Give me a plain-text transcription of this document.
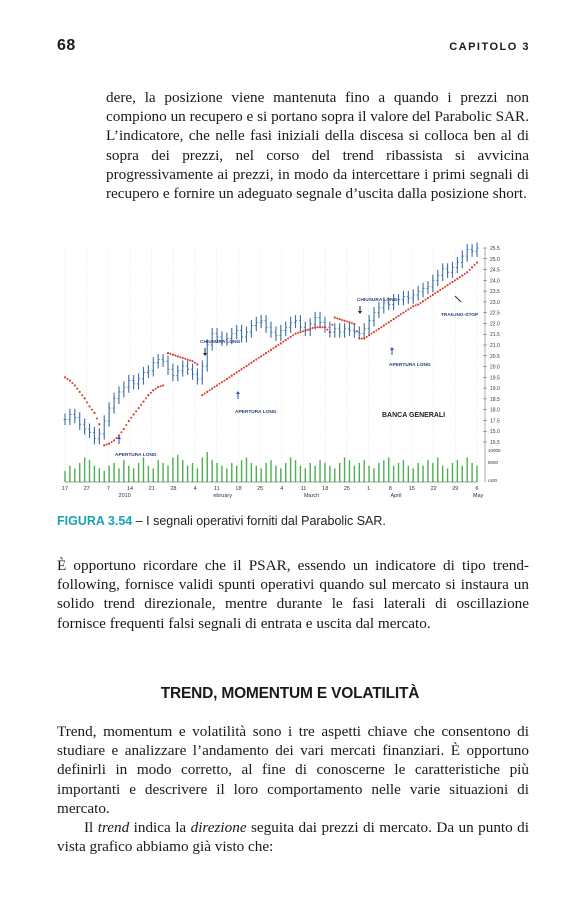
68	CAPITOLO 3

dere, la posizione viene mantenuta fino a quando i prezzi non compiono un recupero e si portano sopra il valore del Parabolic SAR. L’indicatore, che nelle fasi iniziali della discesa si colloca ben al di sopra dei prezzi, nel corso del trend ribassista si avvicina progressivamente ai prezzi, in modo da intercettare i primi segnali di recupero e fornire un adeguato segnale d’uscita dalla posizione short.

15.5
15.0
17.5
18.0
18.5
19.0
19.5
20.0
20.5
21.0
21.5
22.0
22.5
23.0
23.5
24.0
24.5
25.0
25.5
10000
5000
ro00
17	27	7	14	21	28	4	11	18	25	4	11	18	25	1	8	15	22	29	6
2010	ebruary	March	April	May
APERTURA LONG
CHIUSURA LONG
APERTURA LONG
CHIUSURA LONG
APERTURA LONG
TRAILING-STOP
BANCA GENERALI
FIGURA 3.54 – I segnali operativi forniti dal Parabolic SAR.

È opportuno ricordare che il PSAR, essendo un indicatore di tipo trend-following, fornisce validi spunti operativi quando sul mercato si instaura un solido trend direzionale, mentre durante le fasi laterali di oscillazione fornisce frequenti falsi segnali di entrata e uscita dal mercato.

TREND, MOMENTUM E VOLATILITÀ

Trend, momentum e volatilità sono i tre aspetti chiave che consentono di studiare e analizzare l’andamento dei vari mercati finanziari. È opportuno definirli in modo corretto, al fine di conoscerne le caratteristiche più importanti e descrivere il loro comportamento nelle varie situazioni di mercato.

Il trend indica la direzione seguita dai prezzi di mercato. Da un punto di vista grafico abbiamo già visto che:
